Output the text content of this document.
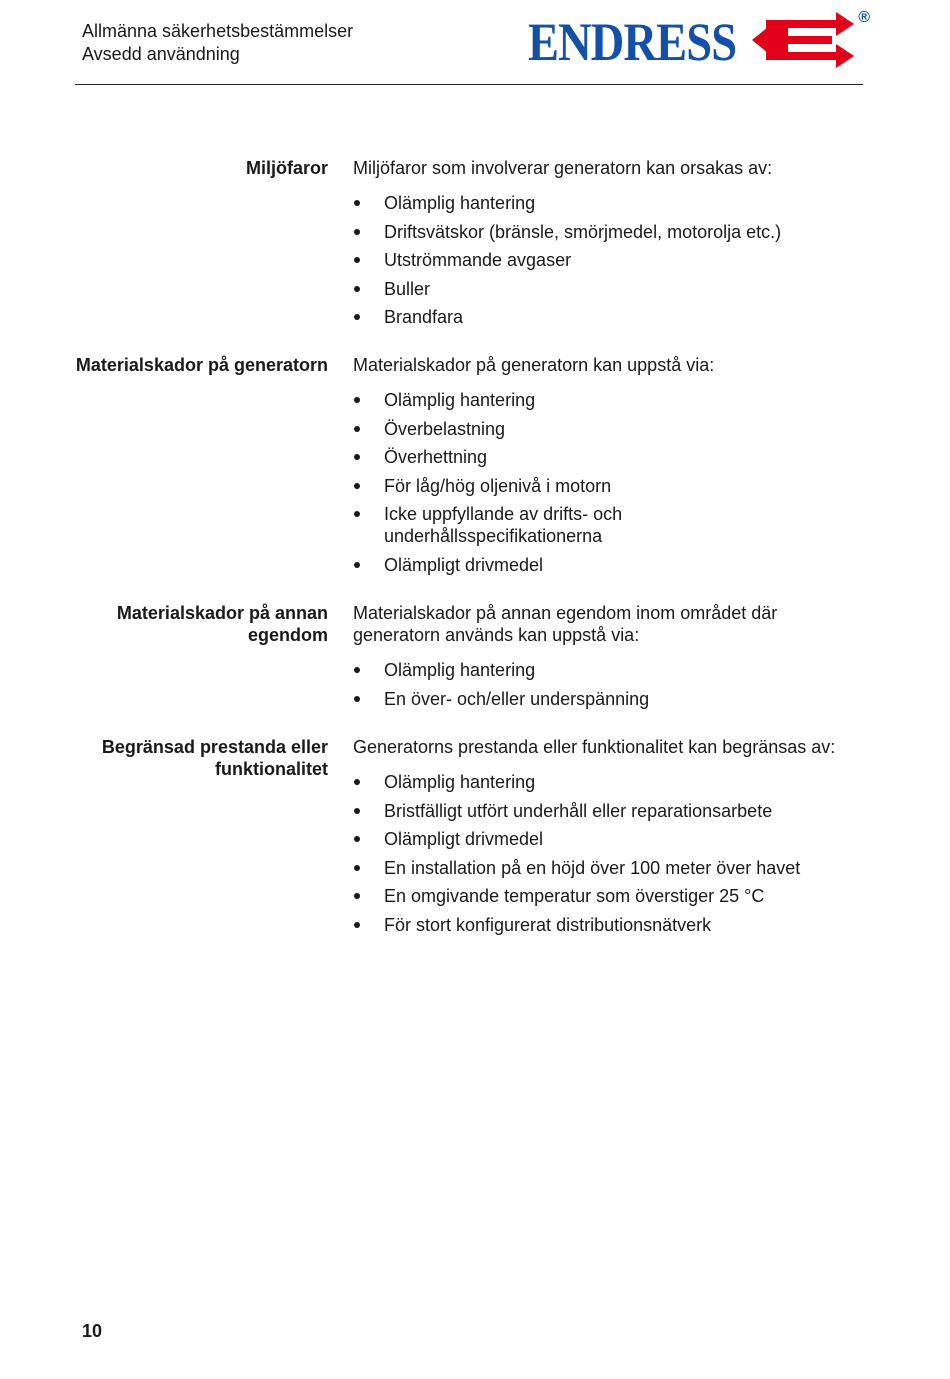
Allmänna säkerhetsbestämmelser
Avsedd användning	ENDRESS	®
Miljöfaror Miljöfaror som involverar generatorn kan orsakas av:

Olämplig hantering
Driftsvätskor (bränsle, smörjmedel, motorolja etc.)
Utströmmande avgaser
Buller
Brandfara
Materialskador på generatorn Materialskador på generatorn kan uppstå via:

Olämplig hantering
Överbelastning
Överhettning
För låg/hög oljenivå i motorn
Icke uppfyllande av drifts- och underhållsspecifikationerna
Olämpligt drivmedel
Materialskador på annan egendom

Materialskador på annan egendom inom området där generatorn används kan uppstå via:

Olämplig hantering
En över- och/eller underspänning
Begränsad prestanda eller funktionalitet

Generatorns prestanda eller funktionalitet kan begränsas av:

Olämplig hantering
Bristfälligt utfört underhåll eller reparationsarbete
Olämpligt drivmedel
En installation på en höjd över 100 meter över havet
En omgivande temperatur som överstiger 25 °C
För stort konfigurerat distributionsnätverk
10
